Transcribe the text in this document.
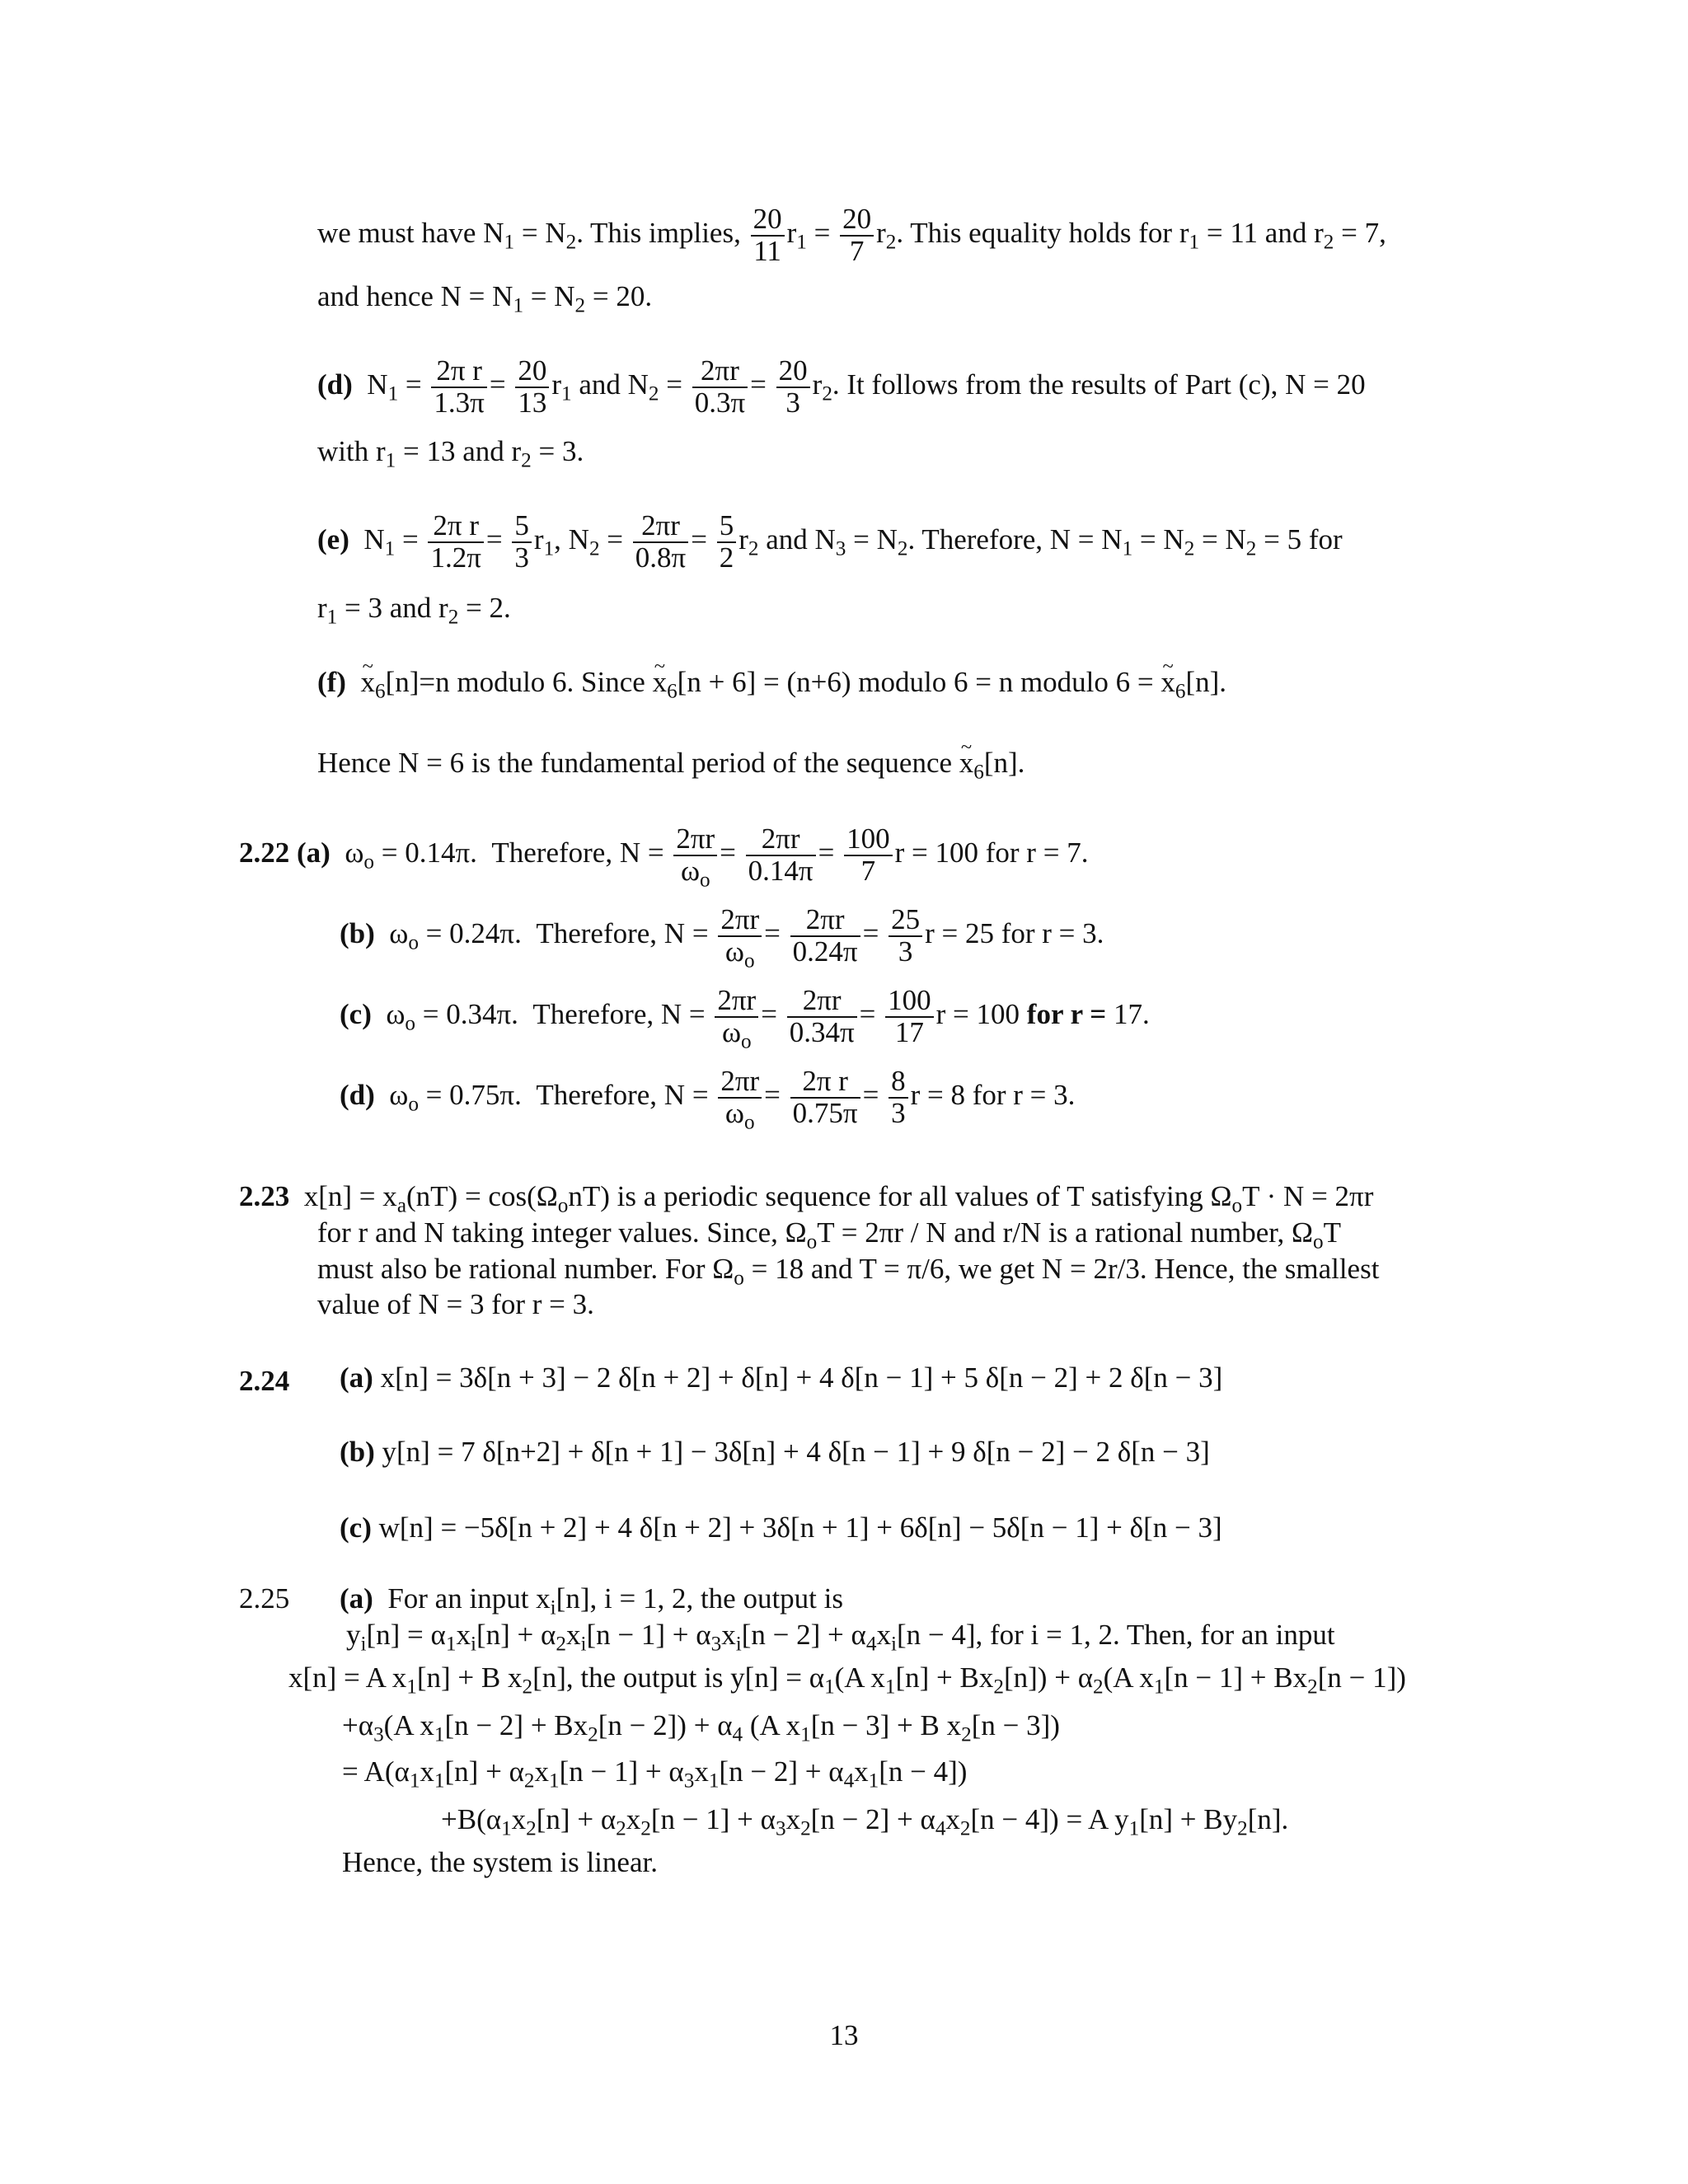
we must have $N_1 = N_2$. This implies, $\frac{20}{11} r_1 = \frac{20}{7} r_2$. This equality holds for $r_1 = 11$ and $r_2 = 7$,
and hence $N = N_1 = N_2 = 20$.
(d) $N_1 = \frac{\text{2π r}}{1.3\pi} = \frac{20}{13} r_1$ and $N_2 = \frac{2\pi r}{0.3\pi} = \frac{20}{3} r_2$. It follows from the results of Part (c), N = 20
with $r_1 = 13$ and $r_2 = 3$.
(e) $N_1 = \frac{\text{2π r}}{1.2\pi} = \frac{5}{3} r_1$, $N_2 = \frac{2\pi r}{0.8\pi} = \frac{5}{2} r_2$ and $N_3 = N_2$. Therefore, $N = N_1 = N_2 = N_2 = 5$ for
$r_1 = 3$ and $r_2 = 2$.
(f)  ~ $x_6[n]=n$ modulo 6. Since ~ $x_6[n + 6] = (n+6)$ modulo 6 = n modulo 6 = ~ $x_6[n]$.
Hence N = 6 is the fundamental period of the sequence ~ $x_6[n]$.
2.22 (a) $\omega_o = 0.14\pi$. Therefore, $N = \frac{2\pi r}{\omega_o} = \frac{2\pi r}{0.14\pi} = \frac{100}{7}$ r = 100 for r = 7.
(b) $\omega_o = 0.24\pi$. Therefore, $N = \frac{2\pi r}{\omega_o} = \frac{2\pi r}{0.24\pi} = \frac{25}{3}$ r = 25 for r = 3.
(c) $\omega_o = 0.34\pi$. Therefore, $N = \frac{2\pi r}{\omega_o} = \frac{2\pi r}{0.34\pi} = \frac{100}{17}$ r = 100 for r = 17.
(d) $\omega_o = 0.75\pi$. Therefore, $N = \frac{2\pi r}{\omega_o} = \frac{\text{2π r}}{0.75\pi} = \frac{8}{3}$ r = 8 for r = 3.
2.23 $x[n] = x_a(nT) = \cos(\Omega_onT)$ is a periodic sequence for all values of T satisfying $\Omega_oT \cdot N = 2\pi r$
for r and N taking integer values. Since, $\Omega_oT = 2\pi r / N$ and r/N is a rational number, $\Omega_oT$
must also be rational number. For $\Omega_o = 18$ and T = π/6, we get N = 2r/3. Hence, the smallest
value of N = 3 for r = 3.
2.24 (a) x[n] = 3δ[n + 3] − 2 δ[n + 2] + δ[n] + 4 δ[n − 1] + 5 δ[n − 2] + 2 δ[n − 3]
(b) y[n] = 7 δ[n+2] + δ[n + 1] − 3δ[n] + 4 δ[n − 1] + 9 δ[n − 2] − 2 δ[n − 3]
(c) w[n] = −5δ[n + 2] + 4 δ[n + 2] + 3δ[n + 1] + 6δ[n] − 5δ[n − 1] + δ[n − 3]
2.25 (a) For an input $x_i[n]$, i = 1, 2, the output is
$y_i[n] = \alpha_1x_i[n] + \alpha_2x_i[n - 1] + \alpha_3x_i[n - 2] + \alpha_4x_i[n - 4]$, for i = 1, 2. Then, for an input
x[n] = A $x_1[n] + B$ $x_2[n]$, the output is $y[n] = \alpha_1(A$ $x_1[n] + Bx_2[n]) + \alpha_2(A$ $x_1[n - 1] + Bx_2[n - 1]$)
$+\alpha_3(A$ $x_1[n - 2] + Bx_2[n - 2]) + \alpha_4$ (A $x_1[n - 3] + B$ $x_2[n - 3]$)
= $A(\alpha_1x_1[n] + \alpha_2x_1[n - 1] + \alpha_3x_1[n - 2] + \alpha_4x_1[n - 4])$
$+B(\alpha_1x_2[n] + \alpha_2x_2[n - 1] + \alpha_3x_2[n - 2] + \alpha_4x_2[n - 4]) = A$ $y_1[n] + By_2[n]$.
Hence, the system is linear.
13
